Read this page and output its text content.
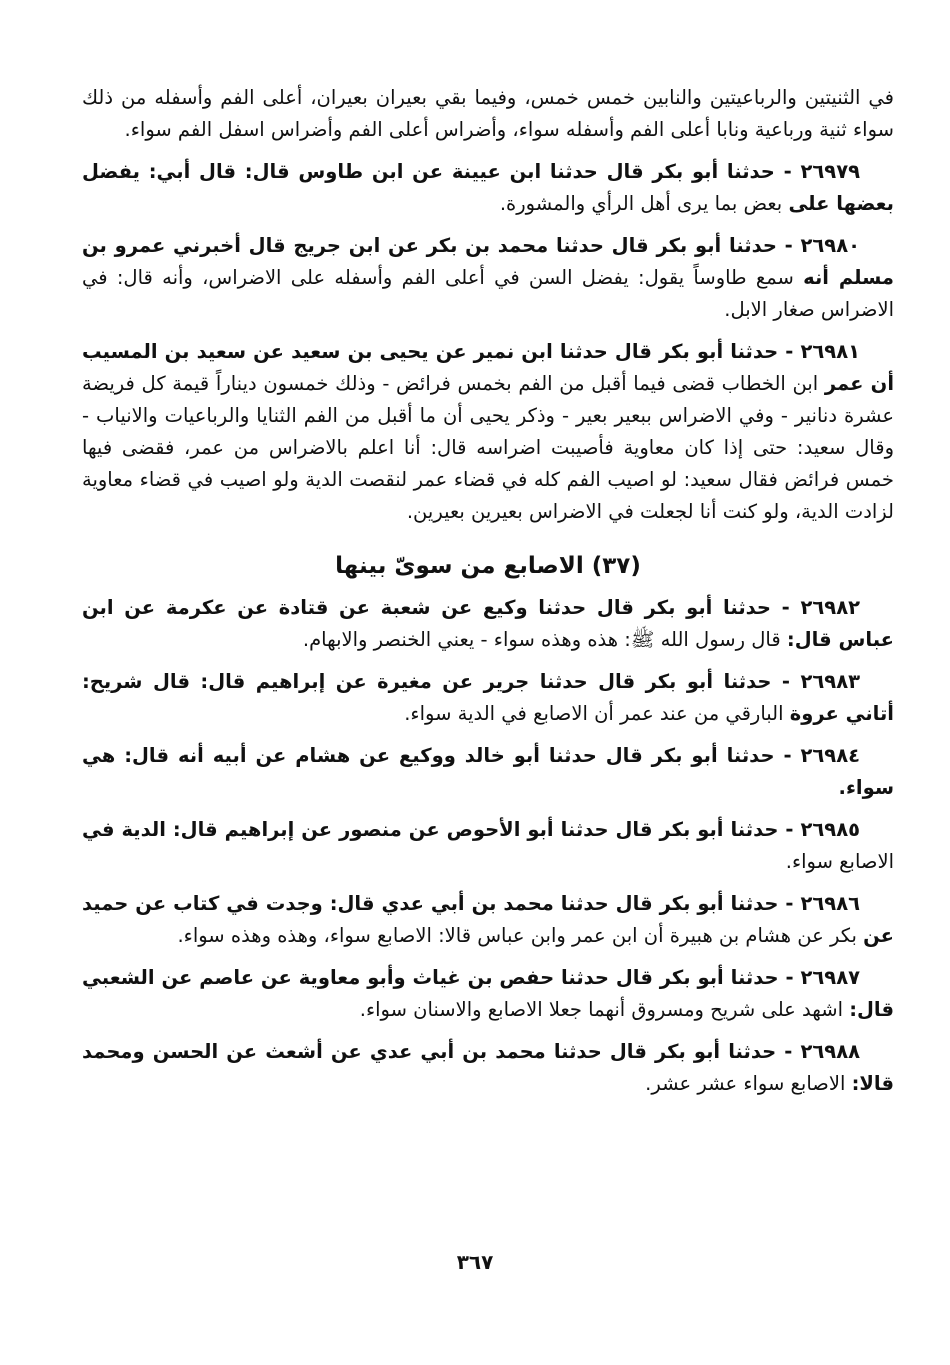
في الثنيتين والرباعيتين والنابين خمس خمس، وفيما بقي بعيران بعيران، أعلى الفم وأسفله من ذلك سواء ثنية ورباعية ونابا أعلى الفم وأسفله سواء، وأضراس أعلى الفم وأضراس اسفل الفم سواء.

٢٦٩٧٩ - حدثنا أبو بكر قال حدثنا ابن عيينة عن ابن طاوس قال: قال أبي: يفضل بعضها على بعض بما يرى أهل الرأي والمشورة.

٢٦٩٨٠ - حدثنا أبو بكر قال حدثنا محمد بن بكر عن ابن جريج قال أخبرني عمرو بن مسلم أنه سمع طاوساً يقول: يفضل السن في أعلى الفم وأسفله على الاضراس، وأنه قال: في الاضراس صغار الابل.

٢٦٩٨١ - حدثنا أبو بكر قال حدثنا ابن نمير عن يحيى بن سعيد عن سعيد بن المسيب أن عمر ابن الخطاب قضى فيما أقبل من الفم بخمس فرائض - وذلك خمسون ديناراً قيمة كل فريضة عشرة دنانير - وفي الاضراس ببعير بعير - وذكر يحيى أن ما أقبل من الفم الثنايا والرباعيات والانياب - وقال سعيد: حتى إذا كان معاوية فأصيبت اضراسه قال: أنا اعلم بالاضراس من عمر، فقضى فيها خمس فرائض فقال سعيد: لو اصيب الفم كله في قضاء عمر لنقصت الدية ولو اصيب في قضاء معاوية لزادت الدية، ولو كنت أنا لجعلت في الاضراس بعيرين بعيرين.

(٣٧) الاصابع من سوىّ بينها

٢٦٩٨٢ - حدثنا أبو بكر قال حدثنا وكيع عن شعبة عن قتادة عن عكرمة عن ابن عباس قال: قال رسول الله ﷺ: هذه وهذه سواء - يعني الخنصر والابهام.

٢٦٩٨٣ - حدثنا أبو بكر قال حدثنا جرير عن مغيرة عن إبراهيم قال: قال شريح: أتاني عروة البارقي من عند عمر أن الاصابع في الدية سواء.

٢٦٩٨٤ - حدثنا أبو بكر قال حدثنا أبو خالد ووكيع عن هشام عن أبيه أنه قال: هي سواء.

٢٦٩٨٥ - حدثنا أبو بكر قال حدثنا أبو الأحوص عن منصور عن إبراهيم قال: الدية في الاصابع سواء.

٢٦٩٨٦ - حدثنا أبو بكر قال حدثنا محمد بن أبي عدي قال: وجدت في كتاب عن حميد عن بكر عن هشام بن هبيرة أن ابن عمر وابن عباس قالا: الاصابع سواء، وهذه وهذه سواء.

٢٦٩٨٧ - حدثنا أبو بكر قال حدثنا حفص بن غياث وأبو معاوية عن عاصم عن الشعبي قال: اشهد على شريح ومسروق أنهما جعلا الاصابع والاسنان سواء.

٢٦٩٨٨ - حدثنا أبو بكر قال حدثنا محمد بن أبي عدي عن أشعث عن الحسن ومحمد قالا: الاصابع سواء عشر عشر.

٣٦٧
